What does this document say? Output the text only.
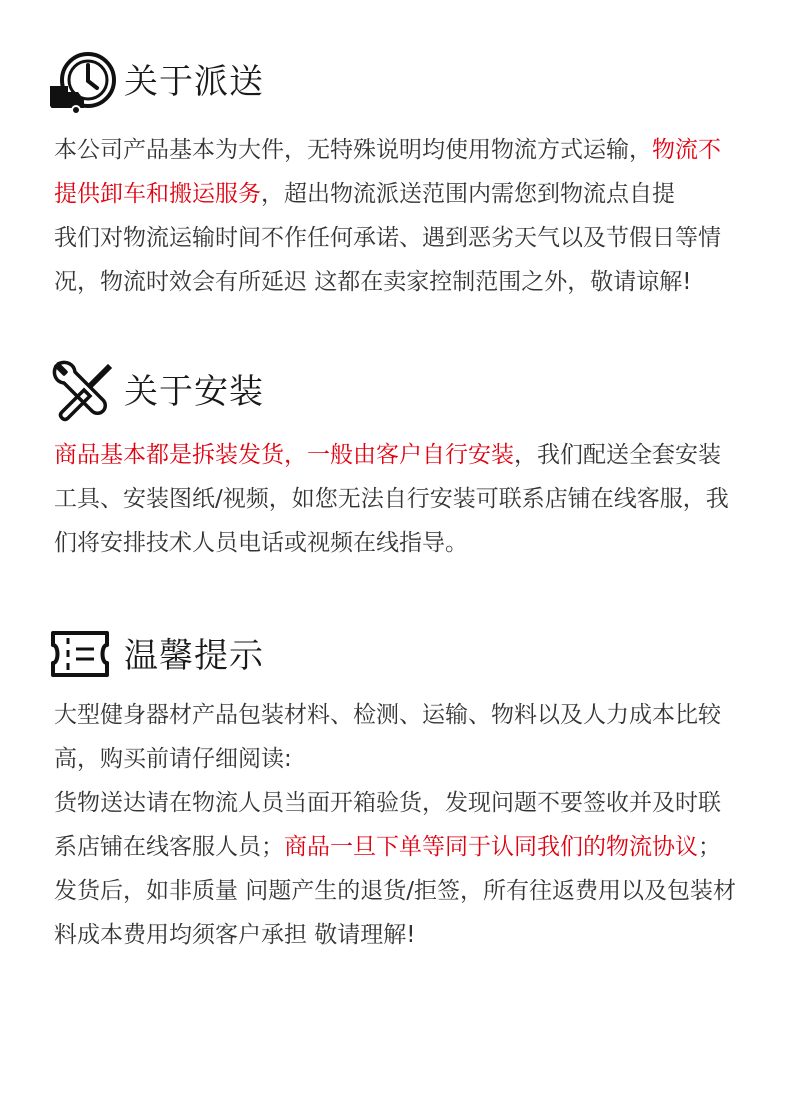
关于派送
本公司产品基本为大件，无特殊说明均使用物流方式运输，物流不
提供卸车和搬运服务，超出物流派送范围内需您到物流点自提
我们对物流运输时间不作任何承诺、遇到恶劣天气以及节假日等情
况，物流时效会有所延迟 这都在卖家控制范围之外，敬请谅解!
关于安装
商品基本都是拆装发货，一般由客户自行安装，我们配送全套安装
工具、安装图纸/视频，如您无法自行安装可联系店铺在线客服，我
们将安排技术人员电话或视频在线指导。
温馨提示
大型健身器材产品包装材料、检测、运输、物料以及人力成本比较
高，购买前请仔细阅读:
货物送达请在物流人员当面开箱验货，发现问题不要签收并及时联
系店铺在线客服人员；商品一旦下单等同于认同我们的物流协议；
发货后，如非质量 问题产生的退货/拒签，所有往返费用以及包装材
料成本费用均须客户承担 敬请理解!
